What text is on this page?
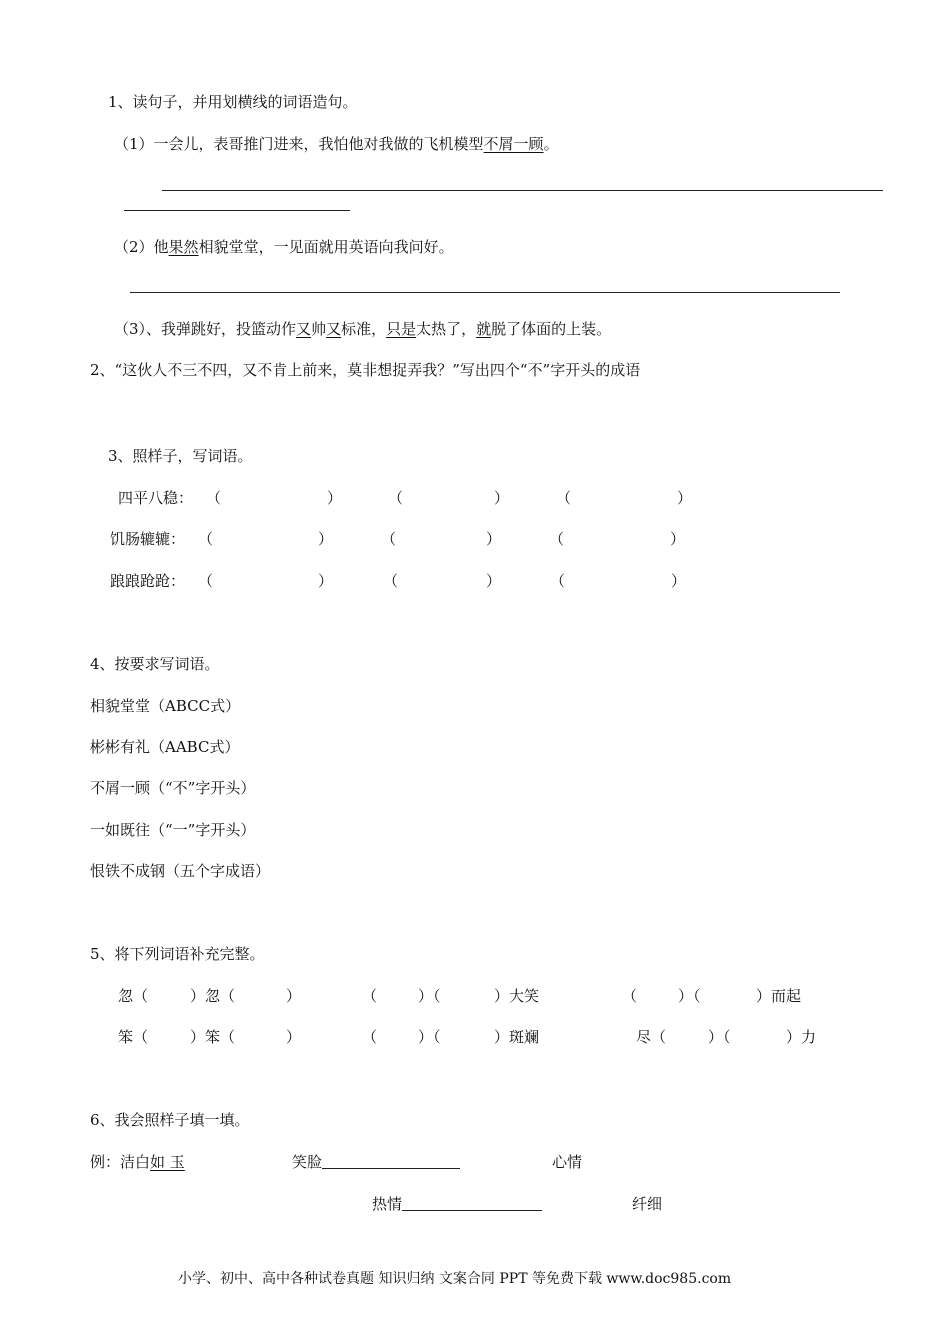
1、读句子，并用划横线的词语造句。
（1）一会儿，表哥推门进来，我怕他对我做的飞机模型不屑一顾。
（2）他果然相貌堂堂，一见面就用英语向我问好。
（3）、我弹跳好，投篮动作又帅又标准，只是太热了，就脱了体面的上装。
2、“这伙人不三不四，又不肯上前来，莫非想捉弄我？”写出四个“不”字开头的成语
3、照样子，写词语。
四平八稳： （	）	（	）	（	）
饥肠辘辘： （	）	（	）	（	）
踉踉跄跄： （	）	（	）	（	）
4、按要求写词语。
相貌堂堂（ABCC式）
彬彬有礼（AABC式）
不屑一顾（“不”字开头）
一如既往（“一”字开头）
恨铁不成钢（五个字成语）
5、将下列词语补充完整。
忽（	）忽（	）	（	）（	）大笑	（	）（	）而起
笨（	）笨（	）	（	）（	）斑斓	尽（	）（	）力
6、我会照样子填一填。
例：洁白如 玉	笑脸	心情
热情	纤细
小学、初中、高中各种试卷真题 知识归纳 文案合同 PPT 等免费下载 www.doc985.com
